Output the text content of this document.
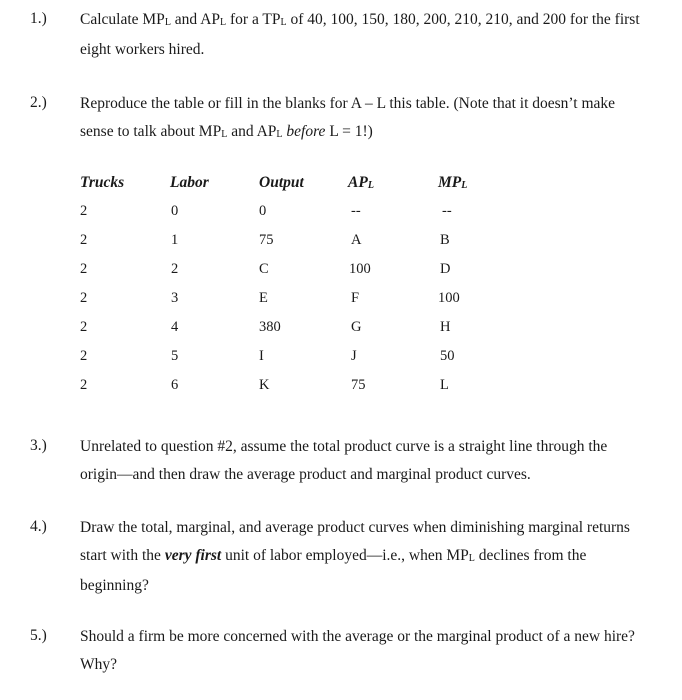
1.) Calculate MPL and APL for a TPL of 40, 100, 150, 180, 200, 210, 210, and 200 for the first eight workers hired.
2.) Reproduce the table or fill in the blanks for A – L this table. (Note that it doesn’t make sense to talk about MPL and APL before L = 1!)
Trucks	Labor	Output	APL	MPL
2	0	0	--	--
2	1	75	A	B
2	2	C	100	D
2	3	E	F	100
2	4	380	G	H
2	5	I	J	50
2	6	K	75	L
3.) Unrelated to question #2, assume the total product curve is a straight line through the origin—and then draw the average product and marginal product curves.
4.) Draw the total, marginal, and average product curves when diminishing marginal returns start with the very first unit of labor employed—i.e., when MPL declines from the beginning?
5.) Should a firm be more concerned with the average or the marginal product of a new hire? Why?
